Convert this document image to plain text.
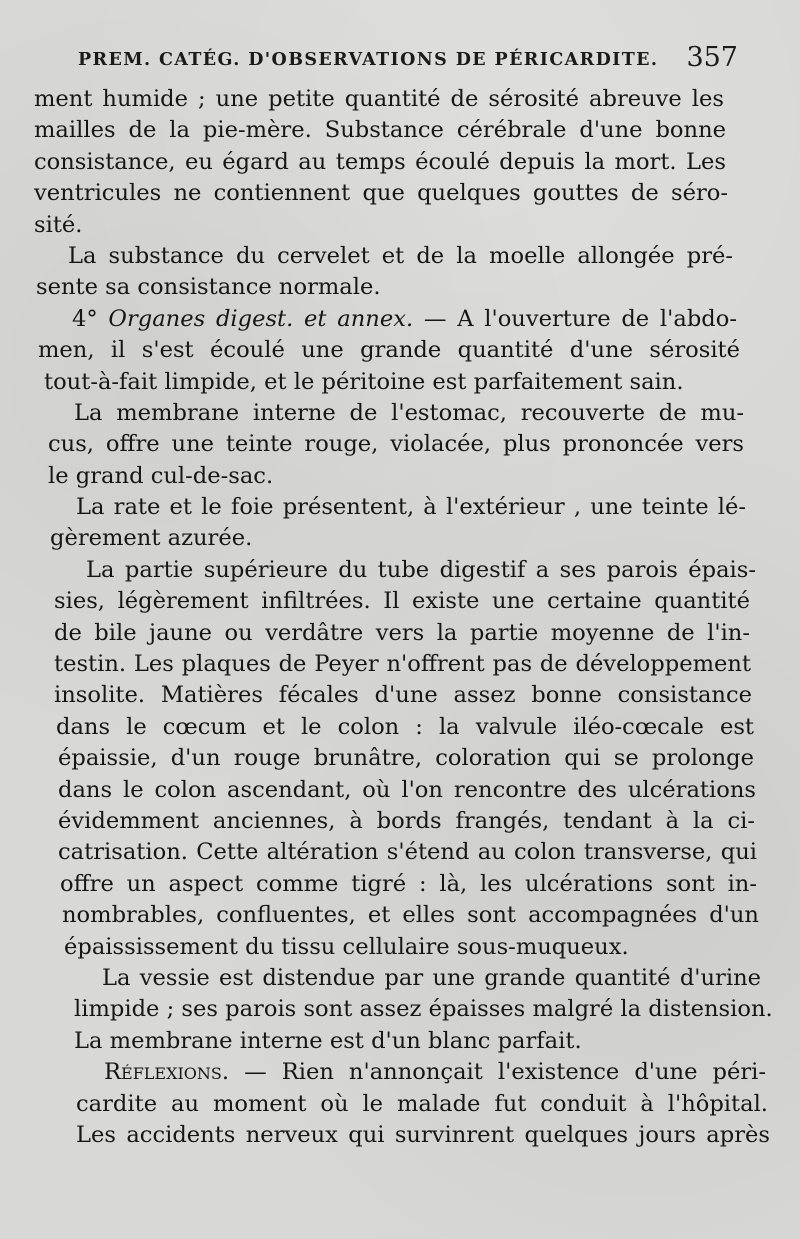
PREM. CATÉG. D'OBSERVATIONS DE PÉRICARDITE. 357
ment humide ; une petite quantité de sérosité abreuve les
mailles de la pie-mère. Substance cérébrale d'une bonne
consistance, eu égard au temps écoulé depuis la mort. Les
ventricules ne contiennent que quelques gouttes de séro-
sité.
La substance du cervelet et de la moelle allongée pré-
sente sa consistance normale.
4° Organes digest. et annex. — A l'ouverture de l'abdo-
men, il s'est écoulé une grande quantité d'une sérosité
tout-à-fait limpide, et le péritoine est parfaitement sain.
La membrane interne de l'estomac, recouverte de mu-
cus, offre une teinte rouge, violacée, plus prononcée vers
le grand cul-de-sac.
La rate et le foie présentent, à l'extérieur , une teinte lé-
gèrement azurée.
La partie supérieure du tube digestif a ses parois épais-
sies, légèrement infiltrées. Il existe une certaine quantité
de bile jaune ou verdâtre vers la partie moyenne de l'in-
testin. Les plaques de Peyer n'offrent pas de développement
insolite. Matières fécales d'une assez bonne consistance
dans le cœcum et le colon : la valvule iléo-cœcale est
épaissie, d'un rouge brunâtre, coloration qui se prolonge
dans le colon ascendant, où l'on rencontre des ulcérations
évidemment anciennes, à bords frangés, tendant à la ci-
catrisation. Cette altération s'étend au colon transverse, qui
offre un aspect comme tigré : là, les ulcérations sont in-
nombrables, confluentes, et elles sont accompagnées d'un
épaississement du tissu cellulaire sous-muqueux.
La vessie est distendue par une grande quantité d'urine
limpide ; ses parois sont assez épaisses malgré la distension.
La membrane interne est d'un blanc parfait.
Réflexions. — Rien n'annonçait l'existence d'une péri-
cardite au moment où le malade fut conduit à l'hôpital.
Les accidents nerveux qui survinrent quelques jours après
